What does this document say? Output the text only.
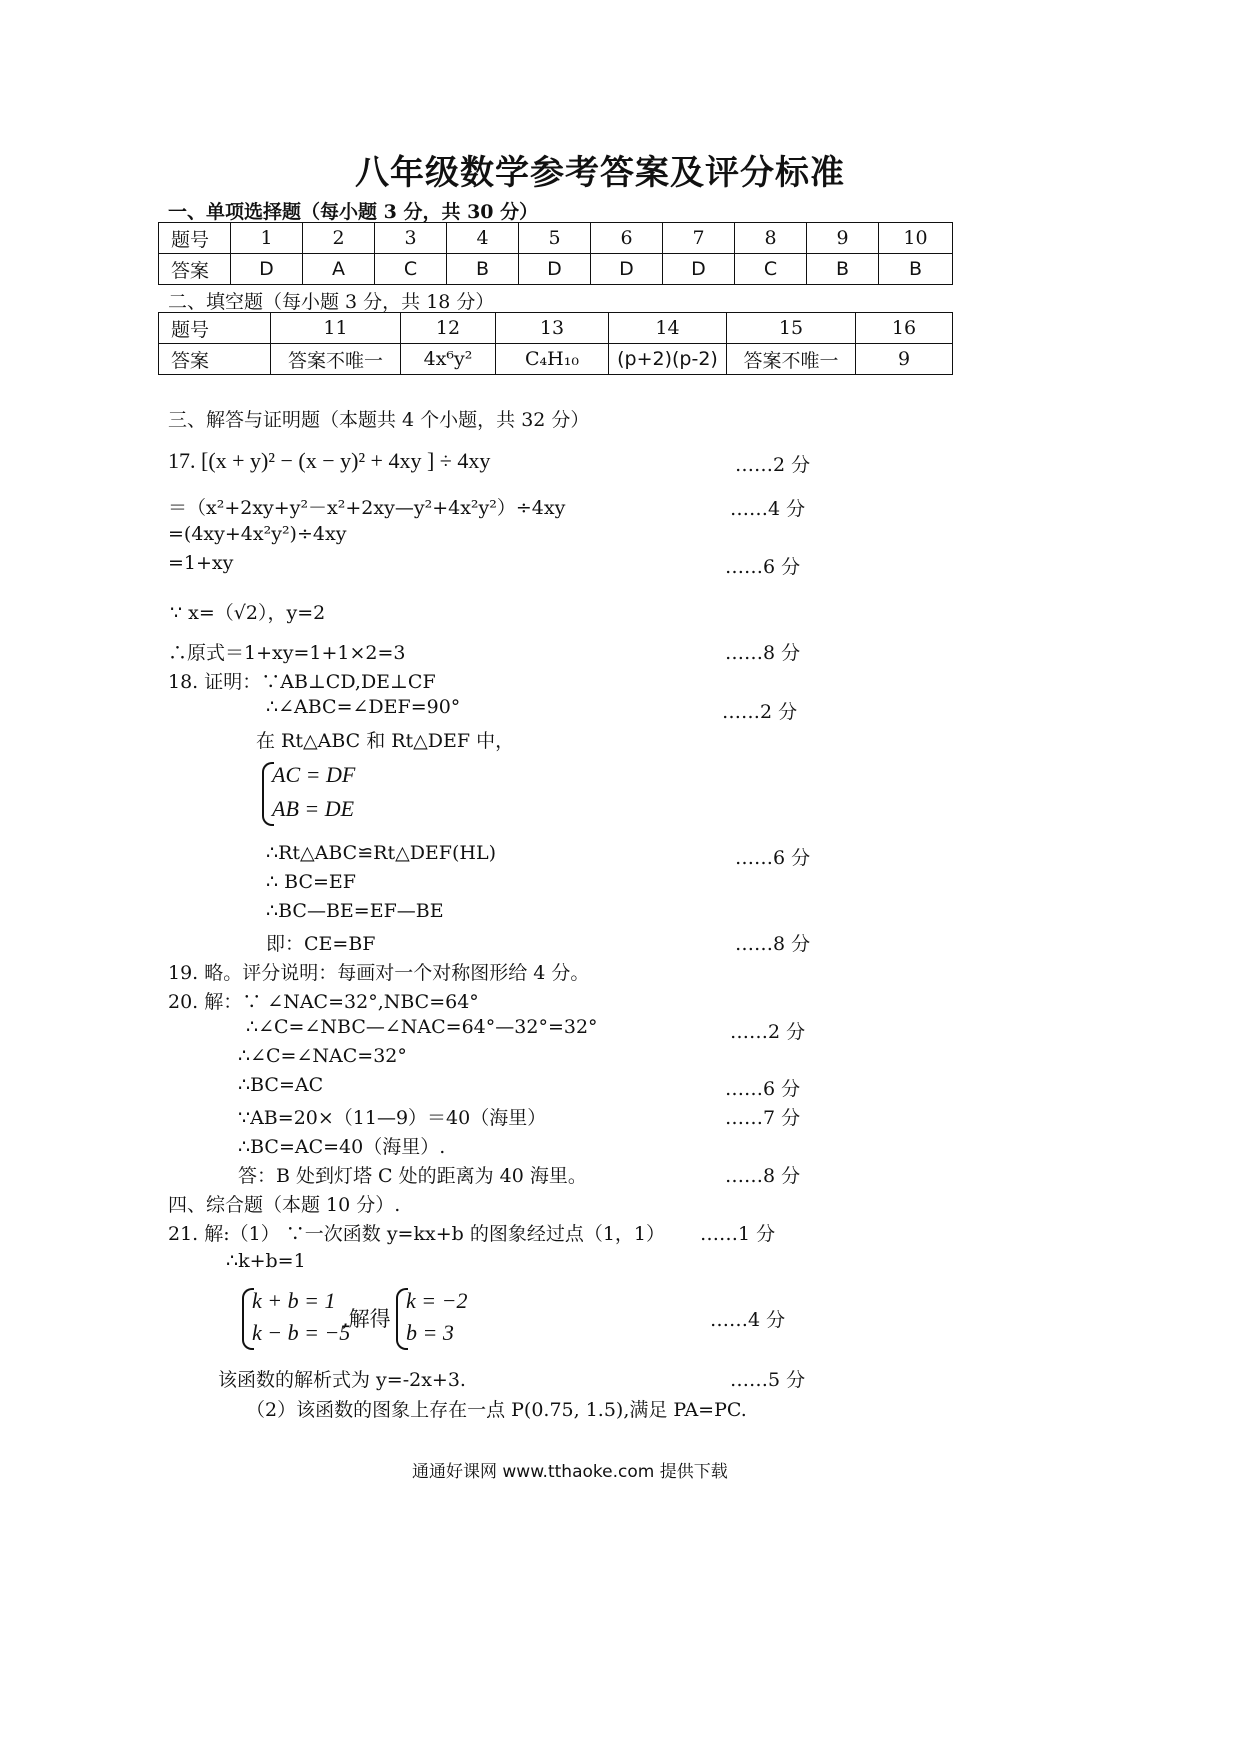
八年级数学参考答案及评分标准
一、单项选择题（每小题 3 分，共 30 分）
题号	1	2	3	4	5	6	7	8	9	10
答案	D	A	C	B	D	D	D	C	B	B
二、填空题（每小题 3 分，共 18 分）
题号	11	12	13	14	15	16
答案	答案不唯一	4x⁶y²	C₄H₁₀	(p+2)(p-2)	答案不唯一	9
三、解答与证明题（本题共 4 个小题，共 32 分）
17. [(x + y)² − (x − y)² + 4xy ] ÷ 4xy	……2 分
＝（x²+2xy+y²－x²+2xy—y²+4x²y²）÷4xy	……4 分
=(4xy+4x²y²)÷4xy
=1+xy	……6 分
∵ x=（√2），y=2
∴原式＝1+xy=1+1×2=3	……8 分
18. 证明：∵AB⊥CD,DE⊥CF
∴∠ABC=∠DEF=90°	……2 分
在 Rt△ABC 和 Rt△DEF 中，
AC = DF
AB = DE
∴Rt△ABC≌Rt△DEF(HL)	……6 分
∴ BC=EF
∴BC—BE=EF—BE
即：CE=BF	……8 分
19. 略。评分说明：每画对一个对称图形给 4 分。
20. 解：∵ ∠NAC=32°,NBC=64°
∴∠C=∠NBC—∠NAC=64°—32°=32°	……2 分
∴∠C=∠NAC=32°
∴BC=AC	……6 分
∵AB=20×（11—9）＝40（海里）	……7 分
∴BC=AC=40（海里）.
答：B 处到灯塔 C 处的距离为 40 海里。	……8 分
四、综合题（本题 10 分）.
21. 解:（1） ∵一次函数 y=kx+b 的图象经过点（1，1） ……1 分
∴k+b=1
k + b = 1
k − b = −5
,解得
k = −2
b = 3	……4 分
该函数的解析式为 y=-2x+3.	……5 分
（2）该函数的图象上存在一点 P(0.75, 1.5),满足 PA=PC.
通通好课网 www.tthaoke.com 提供下载
